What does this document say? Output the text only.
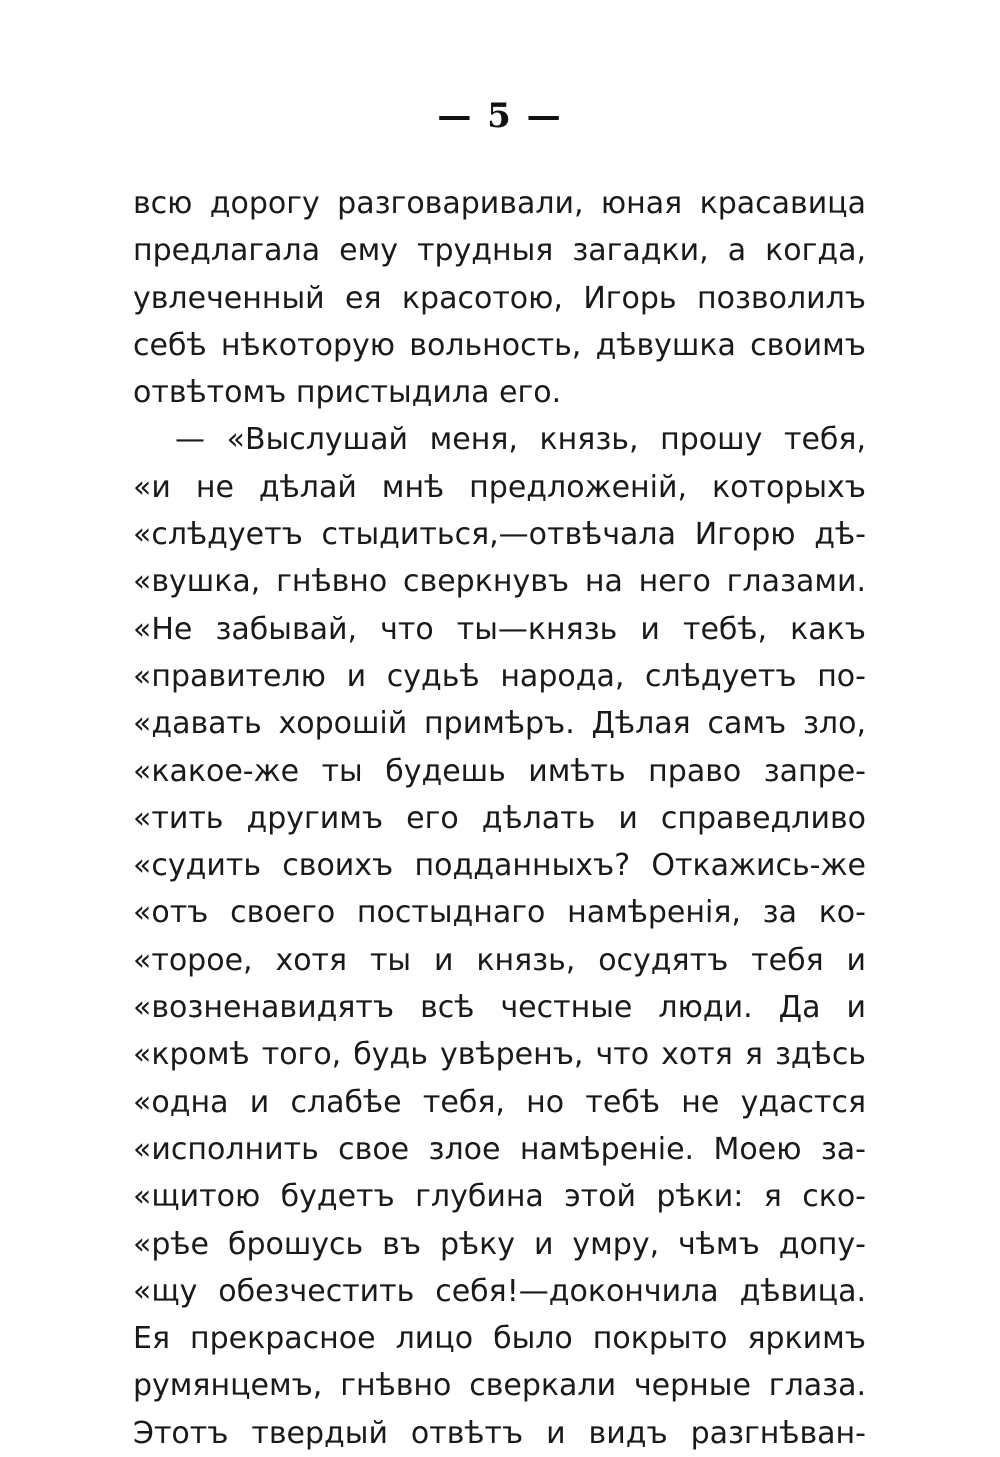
— 5 —
всю дорогу разговаривали, юная красавица
предлагала ему трудныя загадки, а когда,
увлеченный ея красотою, Игорь позволилъ
себѣ нѣкоторую вольность, дѣвушка своимъ
отвѣтомъ пристыдила его.
— «Выслушай меня, князь, прошу тебя,
«и не дѣлай мнѣ предложенiй, которыхъ
«слѣдуетъ стыдиться,—отвѣчала Игорю дѣ-
«вушка, гнѣвно сверкнувъ на него глазами.
«Не забывай, что ты—князь и тебѣ, какъ
«правителю и судьѣ народа, слѣдуетъ по-
«давать хорошiй примѣръ. Дѣлая самъ зло,
«какое-же ты будешь имѣть право запре-
«тить другимъ его дѣлать и справедливо
«судить своихъ подданныхъ? Откажись-же
«отъ своего постыднаго намѣренiя, за ко-
«торое, хотя ты и князь, осудятъ тебя и
«возненавидятъ всѣ честные люди. Да и
«кромѣ того, будь увѣренъ, что хотя я здѣсь
«одна и слабѣе тебя, но тебѣ не удастся
«исполнить свое злое намѣренiе. Моею за-
«щитою будетъ глубина этой рѣки: я ско-
«рѣе брошусь въ рѣку и умру, чѣмъ допу-
«щу обезчестить себя!—докончила дѣвица.
Ея прекрасное лицо было покрыто яркимъ
румянцемъ, гнѣвно сверкали черные глаза.
Этотъ твердый отвѣтъ и видъ разгнѣван-
